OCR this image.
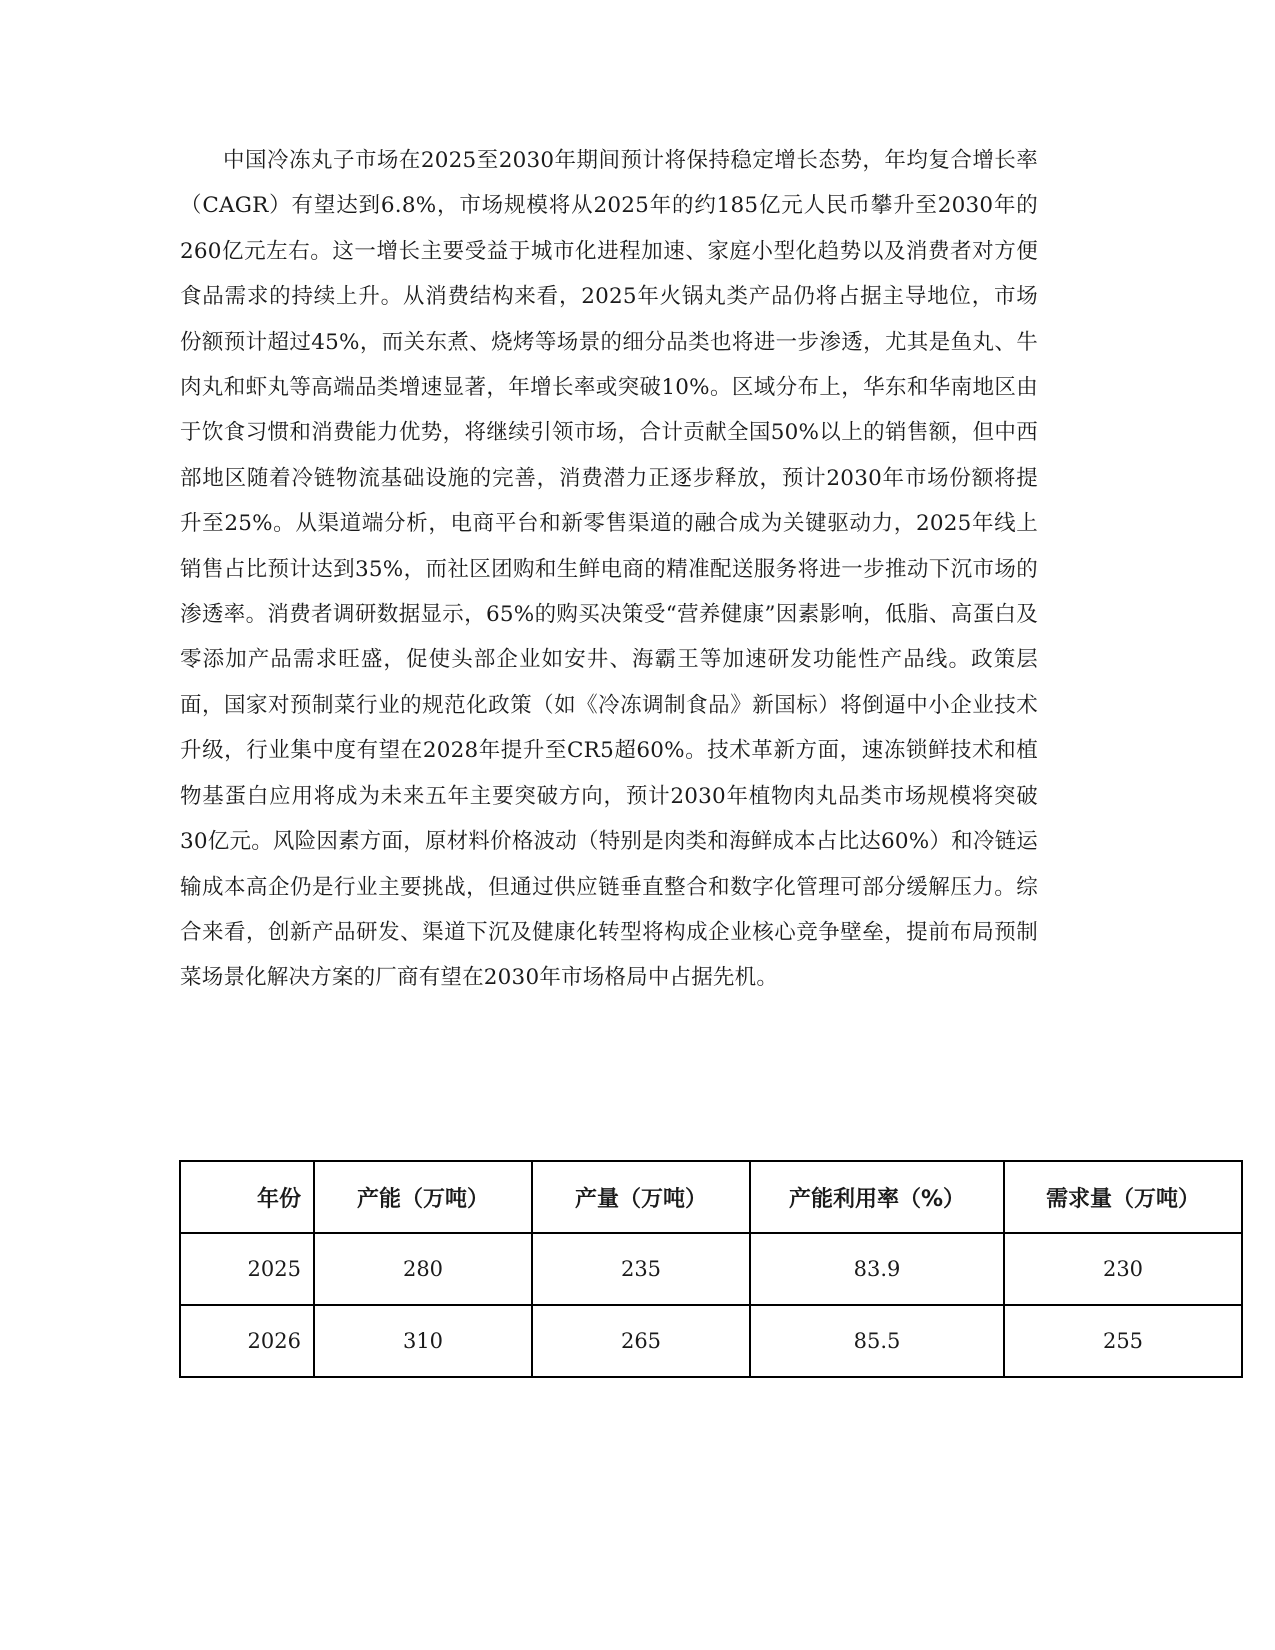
中国冷冻丸子市场在2025至2030年期间预计将保持稳定增长态势，年均复合增长率（CAGR）有望达到6.8%，市场规模将从2025年的约185亿元人民币攀升至2030年的260亿元左右。这一增长主要受益于城市化进程加速、家庭小型化趋势以及消费者对方便食品需求的持续上升。从消费结构来看，2025年火锅丸类产品仍将占据主导地位，市场份额预计超过45%，而关东煮、烧烤等场景的细分品类也将进一步渗透，尤其是鱼丸、牛肉丸和虾丸等高端品类增速显著，年增长率或突破10%。区域分布上，华东和华南地区由于饮食习惯和消费能力优势，将继续引领市场，合计贡献全国50%以上的销售额，但中西部地区随着冷链物流基础设施的完善，消费潜力正逐步释放，预计2030年市场份额将提升至25%。从渠道端分析，电商平台和新零售渠道的融合成为关键驱动力，2025年线上销售占比预计达到35%，而社区团购和生鲜电商的精准配送服务将进一步推动下沉市场的渗透率。消费者调研数据显示，65%的购买决策受“营养健康”因素影响，低脂、高蛋白及零添加产品需求旺盛，促使头部企业如安井、海霸王等加速研发功能性产品线。政策层面，国家对预制菜行业的规范化政策（如《冷冻调制食品》新国标）将倒逼中小企业技术升级，行业集中度有望在2028年提升至CR5超60%。技术革新方面，速冻锁鲜技术和植物基蛋白应用将成为未来五年主要突破方向，预计2030年植物肉丸品类市场规模将突破30亿元。风险因素方面，原材料价格波动（特别是肉类和海鲜成本占比达60%）和冷链运输成本高企仍是行业主要挑战，但通过供应链垂直整合和数字化管理可部分缓解压力。综合来看，创新产品研发、渠道下沉及健康化转型将构成企业核心竞争壁垒，提前布局预制菜场景化解决方案的厂商有望在2030年市场格局中占据先机。

年份	产能（万吨）	产量（万吨）	产能利用率（%）	需求量（万吨）
2025	280	235	83.9	230
2026	310	265	85.5	255
